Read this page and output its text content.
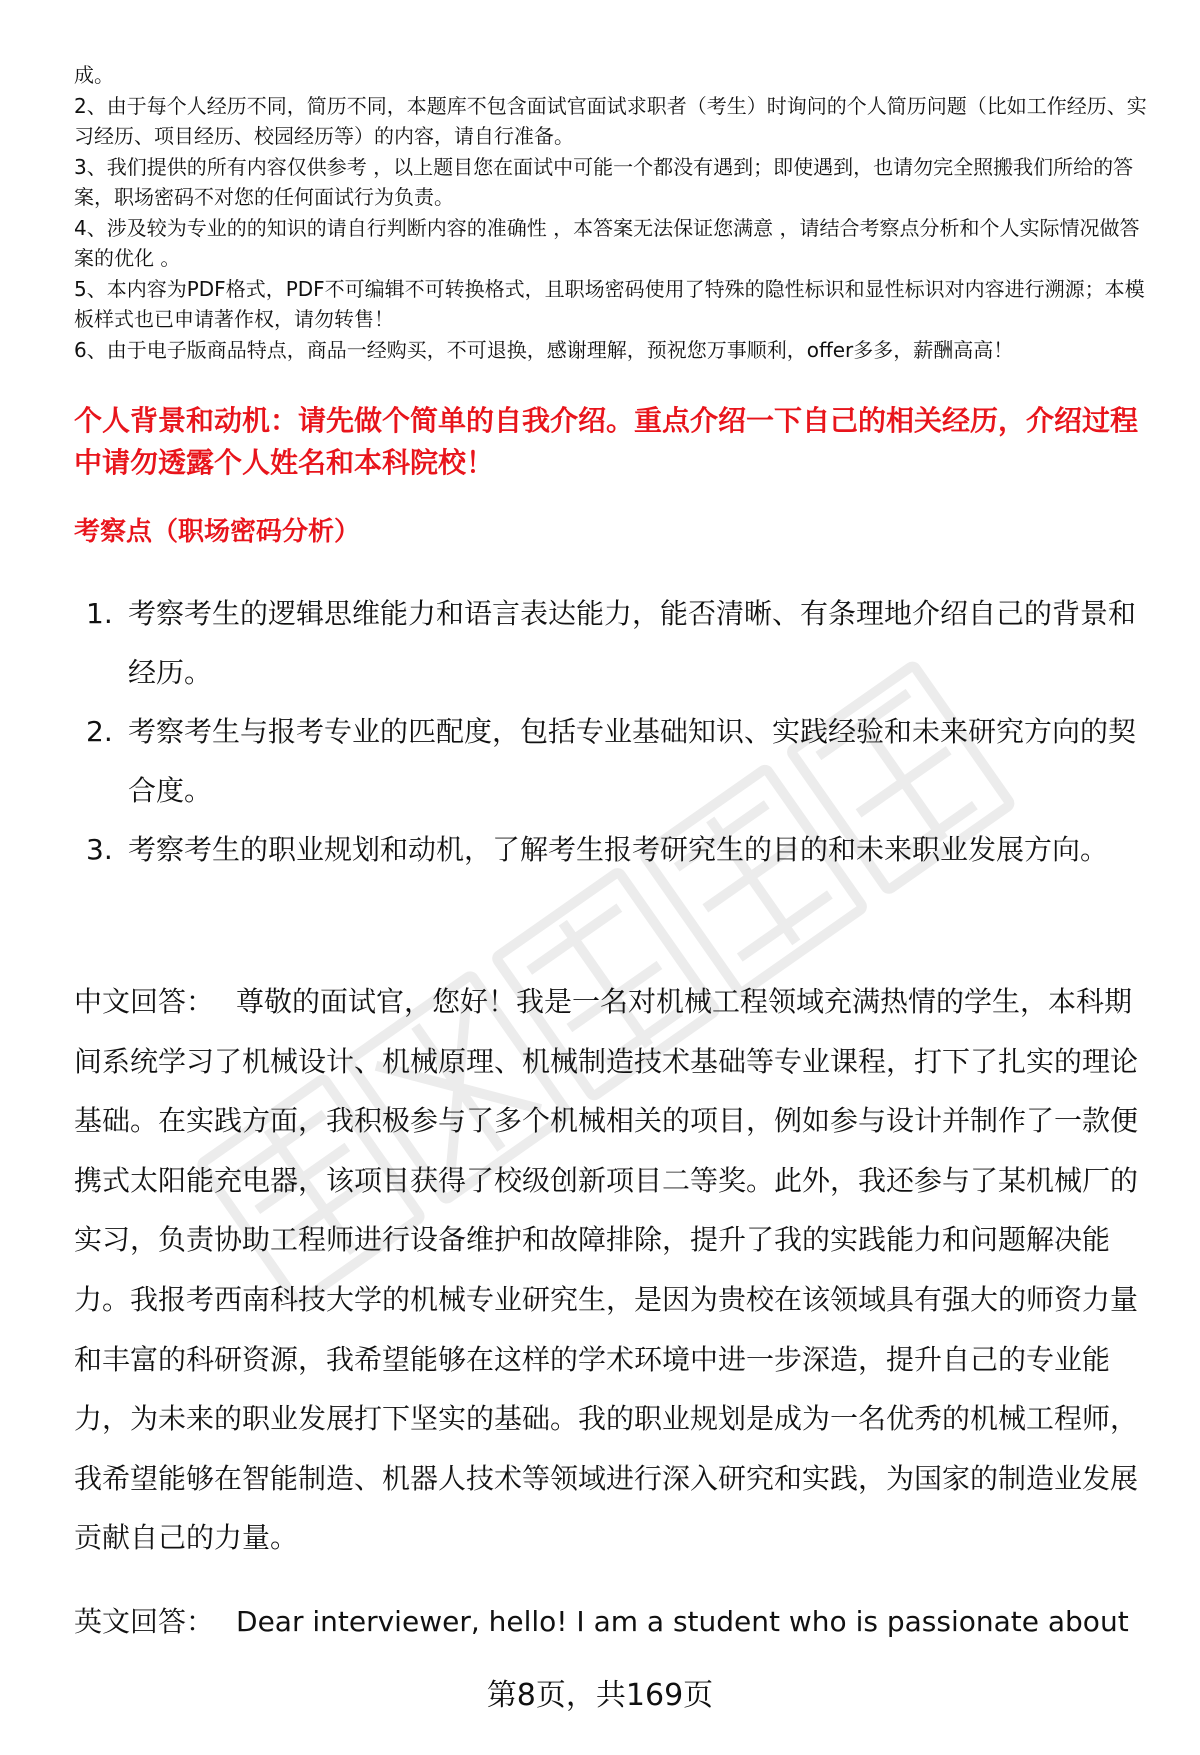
成。

2、由于每个人经历不同，简历不同，本题库不包含面试官面试求职者（考生）时询问的个人简历问题（比如工作经历、实习经历、项目经历、校园经历等）的内容，请自行准备。

3、我们提供的所有内容仅供参考 ，以上题目您在面试中可能一个都没有遇到；即使遇到，也请勿完全照搬我们所给的答案，职场密码不对您的任何面试行为负责。

4、涉及较为专业的的知识的请自行判断内容的准确性 ，本答案无法保证您满意 ，请结合考察点分析和个人实际情况做答案的优化 。

5、本内容为PDF格式，PDF不可编辑不可转换格式，且职场密码使用了特殊的隐性标识和显性标识对内容进行溯源；本模板样式也已申请著作权，请勿转售！

6、由于电子版商品特点，商品一经购买，不可退换，感谢理解，预祝您万事顺利，offer多多，薪酬高高！

个人背景和动机：请先做个简单的自我介绍。重点介绍一下自己的相关经历，介绍过程中请勿透露个人姓名和本科院校！
考察点（职场密码分析）
1. 考察考生的逻辑思维能力和语言表达能力，能否清晰、有条理地介绍自己的背景和经历。
2. 考察考生与报考专业的匹配度，包括专业基础知识、实践经验和未来研究方向的契合度。
3. 考察考生的职业规划和动机，了解考生报考研究生的目的和未来职业发展方向。

中文回答： 尊敬的面试官，您好！我是一名对机械工程领域充满热情的学生，本科期间系统学习了机械设计、机械原理、机械制造技术基础等专业课程，打下了扎实的理论基础。在实践方面，我积极参与了多个机械相关的项目，例如参与设计并制作了一款便携式太阳能充电器，该项目获得了校级创新项目二等奖。此外，我还参与了某机械厂的实习，负责协助工程师进行设备维护和故障排除，提升了我的实践能力和问题解决能力。我报考西南科技大学的机械专业研究生，是因为贵校在该领域具有强大的师资力量和丰富的科研资源，我希望能够在这样的学术环境中进一步深造，提升自己的专业能力，为未来的职业发展打下坚实的基础。我的职业规划是成为一名优秀的机械工程师，我希望能够在智能制造、机器人技术等领域进行深入研究和实践，为国家的制造业发展贡献自己的力量。

英文回答： Dear interviewer, hello! I am a student who is passionate about

第8页，共169页
